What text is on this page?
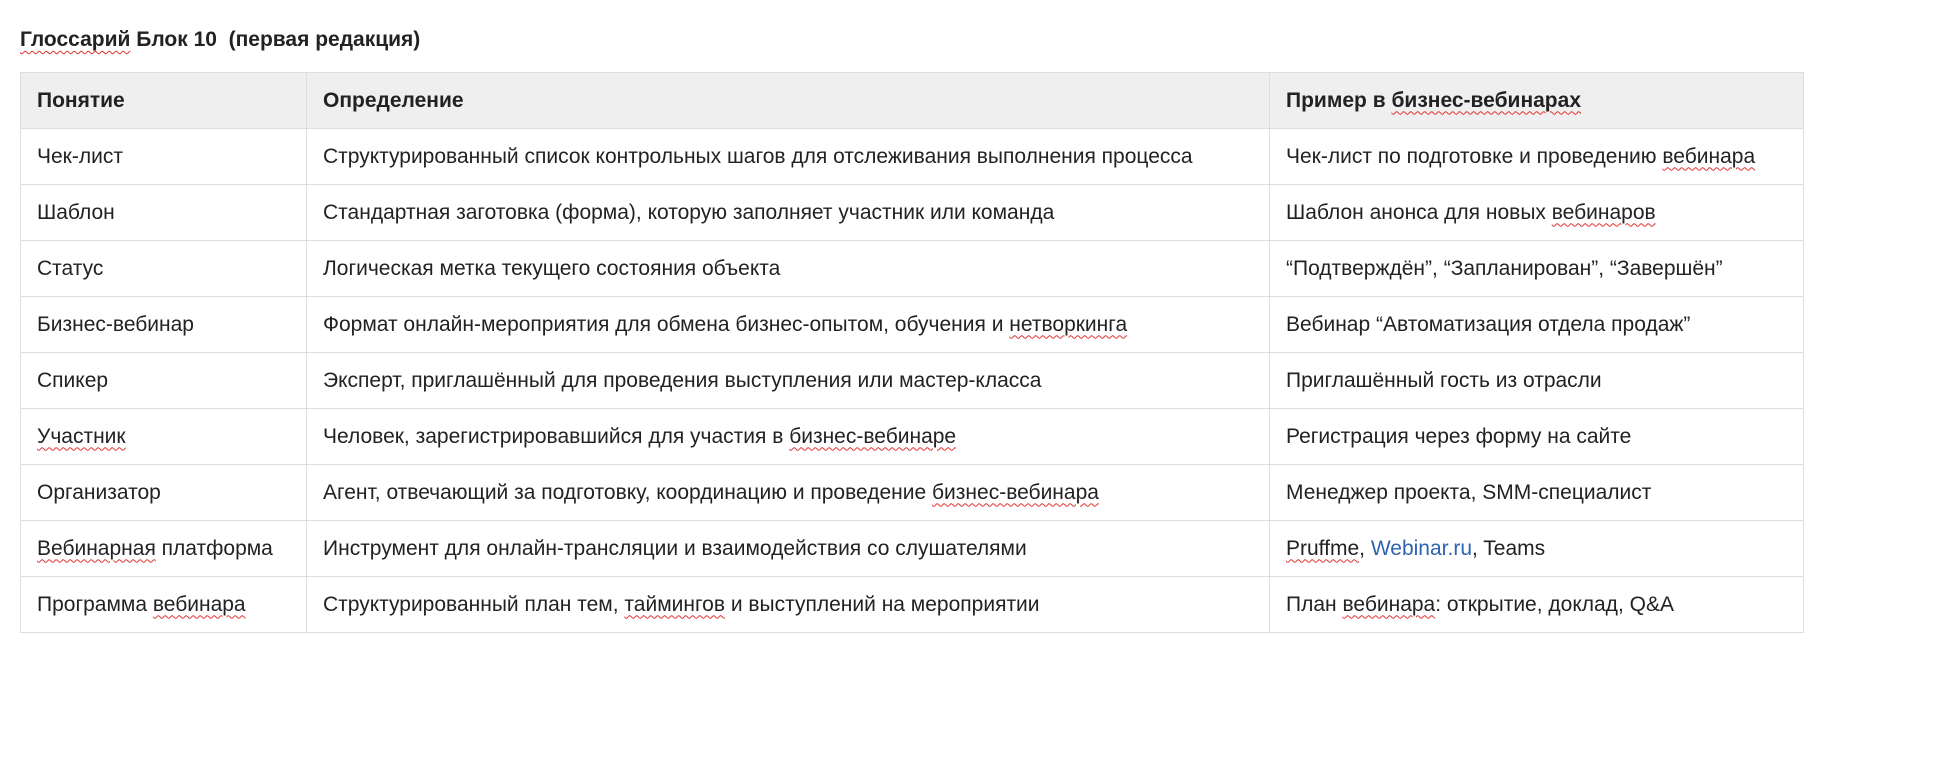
Глоссарий Блок 10  (первая редакция)
Понятие	Определение	Пример в бизнес-вебинарах
Чек-лист	Структурированный список контрольных шагов для отслеживания выполнения процесса	Чек-лист по подготовке и проведению вебинара
Шаблон	Стандартная заготовка (форма), которую заполняет участник или команда	Шаблон анонса для новых вебинаров
Статус	Логическая метка текущего состояния объекта	“Подтверждён”, “Запланирован”, “Завершён”
Бизнес-вебинар	Формат онлайн-мероприятия для обмена бизнес-опытом, обучения и нетворкинга	Вебинар “Автоматизация отдела продаж”
Спикер	Эксперт, приглашённый для проведения выступления или мастер-класса	Приглашённый гость из отрасли
Участник	Человек, зарегистрировавшийся для участия в бизнес-вебинаре	Регистрация через форму на сайте
Организатор	Агент, отвечающий за подготовку, координацию и проведение бизнес-вебинара	Менеджер проекта, SMM-специалист
Вебинарная платформа	Инструмент для онлайн-трансляции и взаимодействия со слушателями	Pruffme, Webinar.ru, Teams
Программа вебинара	Структурированный план тем, таймингов и выступлений на мероприятии	План вебинара: открытие, доклад, Q&A
